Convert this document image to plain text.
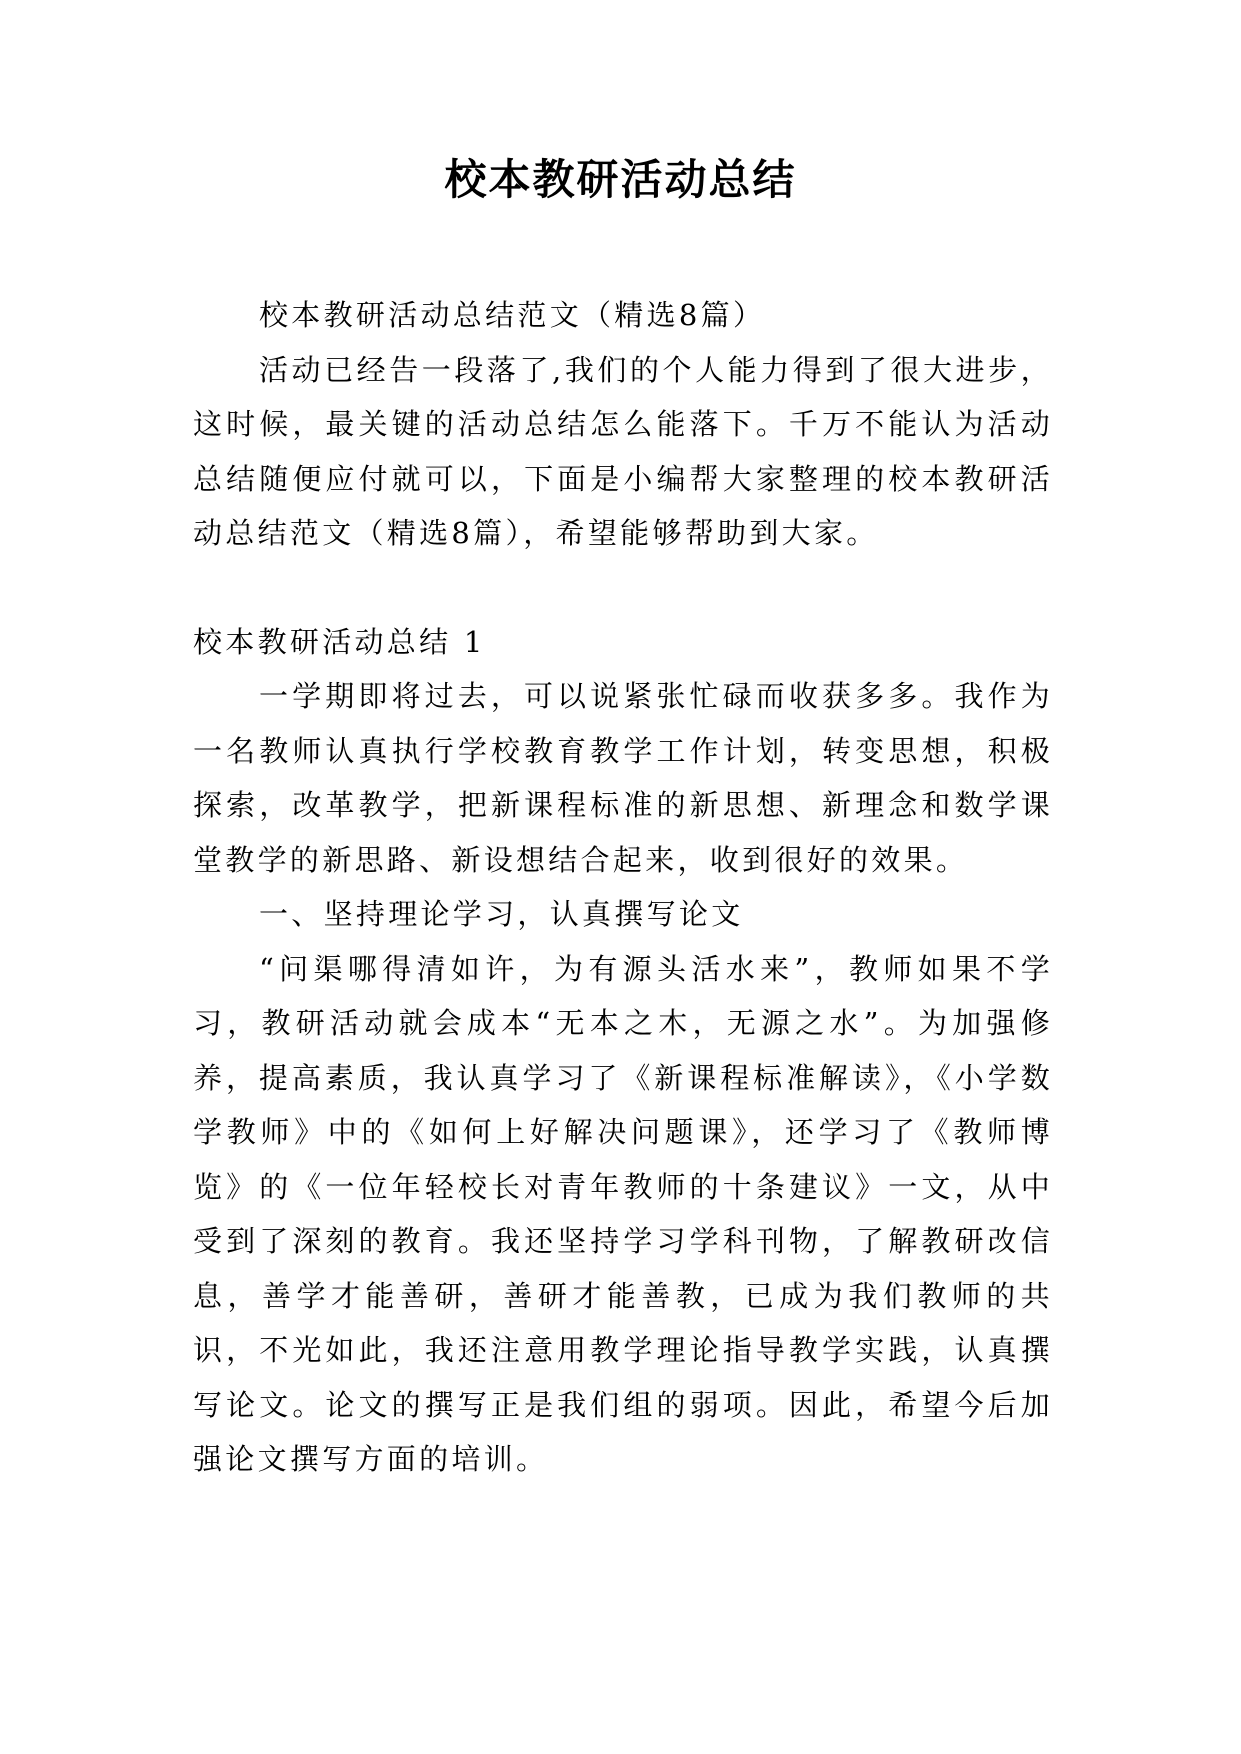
校本教研活动总结

校本教研活动总结范文（精选8篇）

活动已经告一段落了,我们的个人能力得到了很大进步，这时候，最关键的活动总结怎么能落下。千万不能认为活动总结随便应付就可以，下面是小编帮大家整理的校本教研活动总结范文（精选8篇），希望能够帮助到大家。

校本教研活动总结 1

一学期即将过去，可以说紧张忙碌而收获多多。我作为一名教师认真执行学校教育教学工作计划，转变思想，积极探索，改革教学，把新课程标准的新思想、新理念和数学课堂教学的新思路、新设想结合起来，收到很好的效果。

一、坚持理论学习，认真撰写论文

“问渠哪得清如许，为有源头活水来”，教师如果不学习，教研活动就会成本“无本之木，无源之水”。为加强修养，提高素质，我认真学习了《新课程标准解读》，《小学数学教师》中的《如何上好解决问题课》，还学习了《教师博览》的《一位年轻校长对青年教师的十条建议》一文，从中受到了深刻的教育。我还坚持学习学科刊物，了解教研改信息，善学才能善研，善研才能善教，已成为我们教师的共识，不光如此，我还注意用教学理论指导教学实践，认真撰写论文。论文的撰写正是我们组的弱项。因此，希望今后加强论文撰写方面的培训。
